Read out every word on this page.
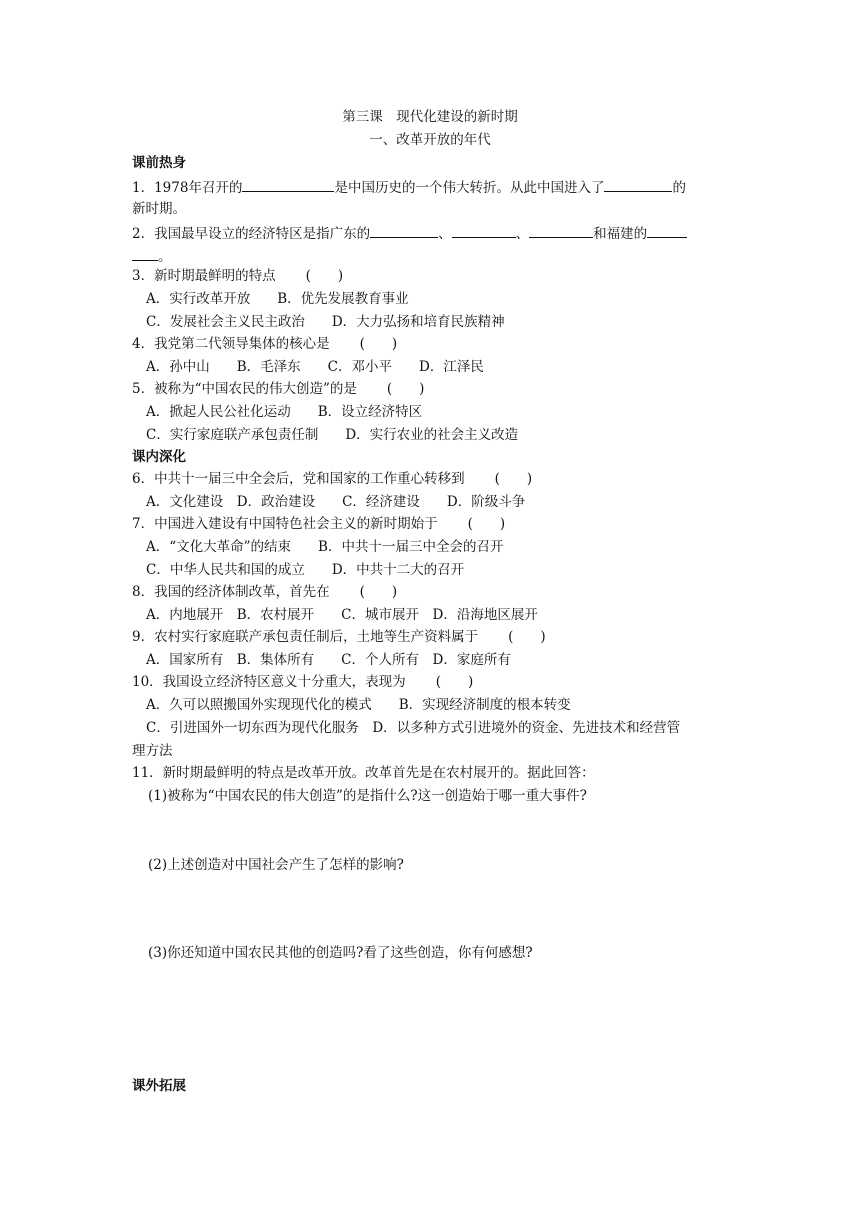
第三课　现代化建设的新时期
一、改革开放的年代
课前热身
1．1978年召开的	是中国历史的一个伟大转折。从此中国进入了	的
新时期。
2．我国最早设立的经济特区是指广东的	、	、	和福建的
。
3．新时期最鲜明的特点 (　　)
A．实行改革开放　　B．优先发展教育事业
C．发展社会主义民主政治　　D．大力弘扬和培育民族精神
4．我党第二代领导集体的核心是 (　　)
A．孙中山　　B．毛泽东　　C．邓小平　　D．江泽民
5．被称为“中国农民的伟大创造”的是 (　　)
A．掀起人民公社化运动　　B．设立经济特区
C．实行家庭联产承包责任制　　D．实行农业的社会主义改造
课内深化
6．中共十一届三中全会后，党和国家的工作重心转移到 (　　)
A．文化建设　D．政治建设　　C．经济建设　　D．阶级斗争
7．中国进入建设有中国特色社会主义的新时期始于 (　　)
A．“文化大革命”的结束　　B．中共十一届三中全会的召开
C．中华人民共和国的成立　　D．中共十二大的召开
8．我国的经济体制改革，首先在 (　　)
A．内地展开　B．农村展开　　C．城市展开　D．沿海地区展开
9．农村实行家庭联产承包责任制后，土地等生产资料属于 (　　)
A．国家所有　B．集体所有　　C．个人所有　D．家庭所有
10．我国设立经济特区意义十分重大，表现为 (　　)
A．久可以照搬国外实现现代化的模式　　B．实现经济制度的根本转变
C．引进国外一切东西为现代化服务　D．以多种方式引进境外的资金、先进技术和经营管
理方法
11．新时期最鲜明的特点是改革开放。改革首先是在农村展开的。据此回答：
(1)被称为“中国农民的伟大创造”的是指什么?这一创造始于哪一重大事件?
(2)上述创造对中国社会产生了怎样的影响?
(3)你还知道中国农民其他的创造吗?看了这些创造，你有何感想?
课外拓展
